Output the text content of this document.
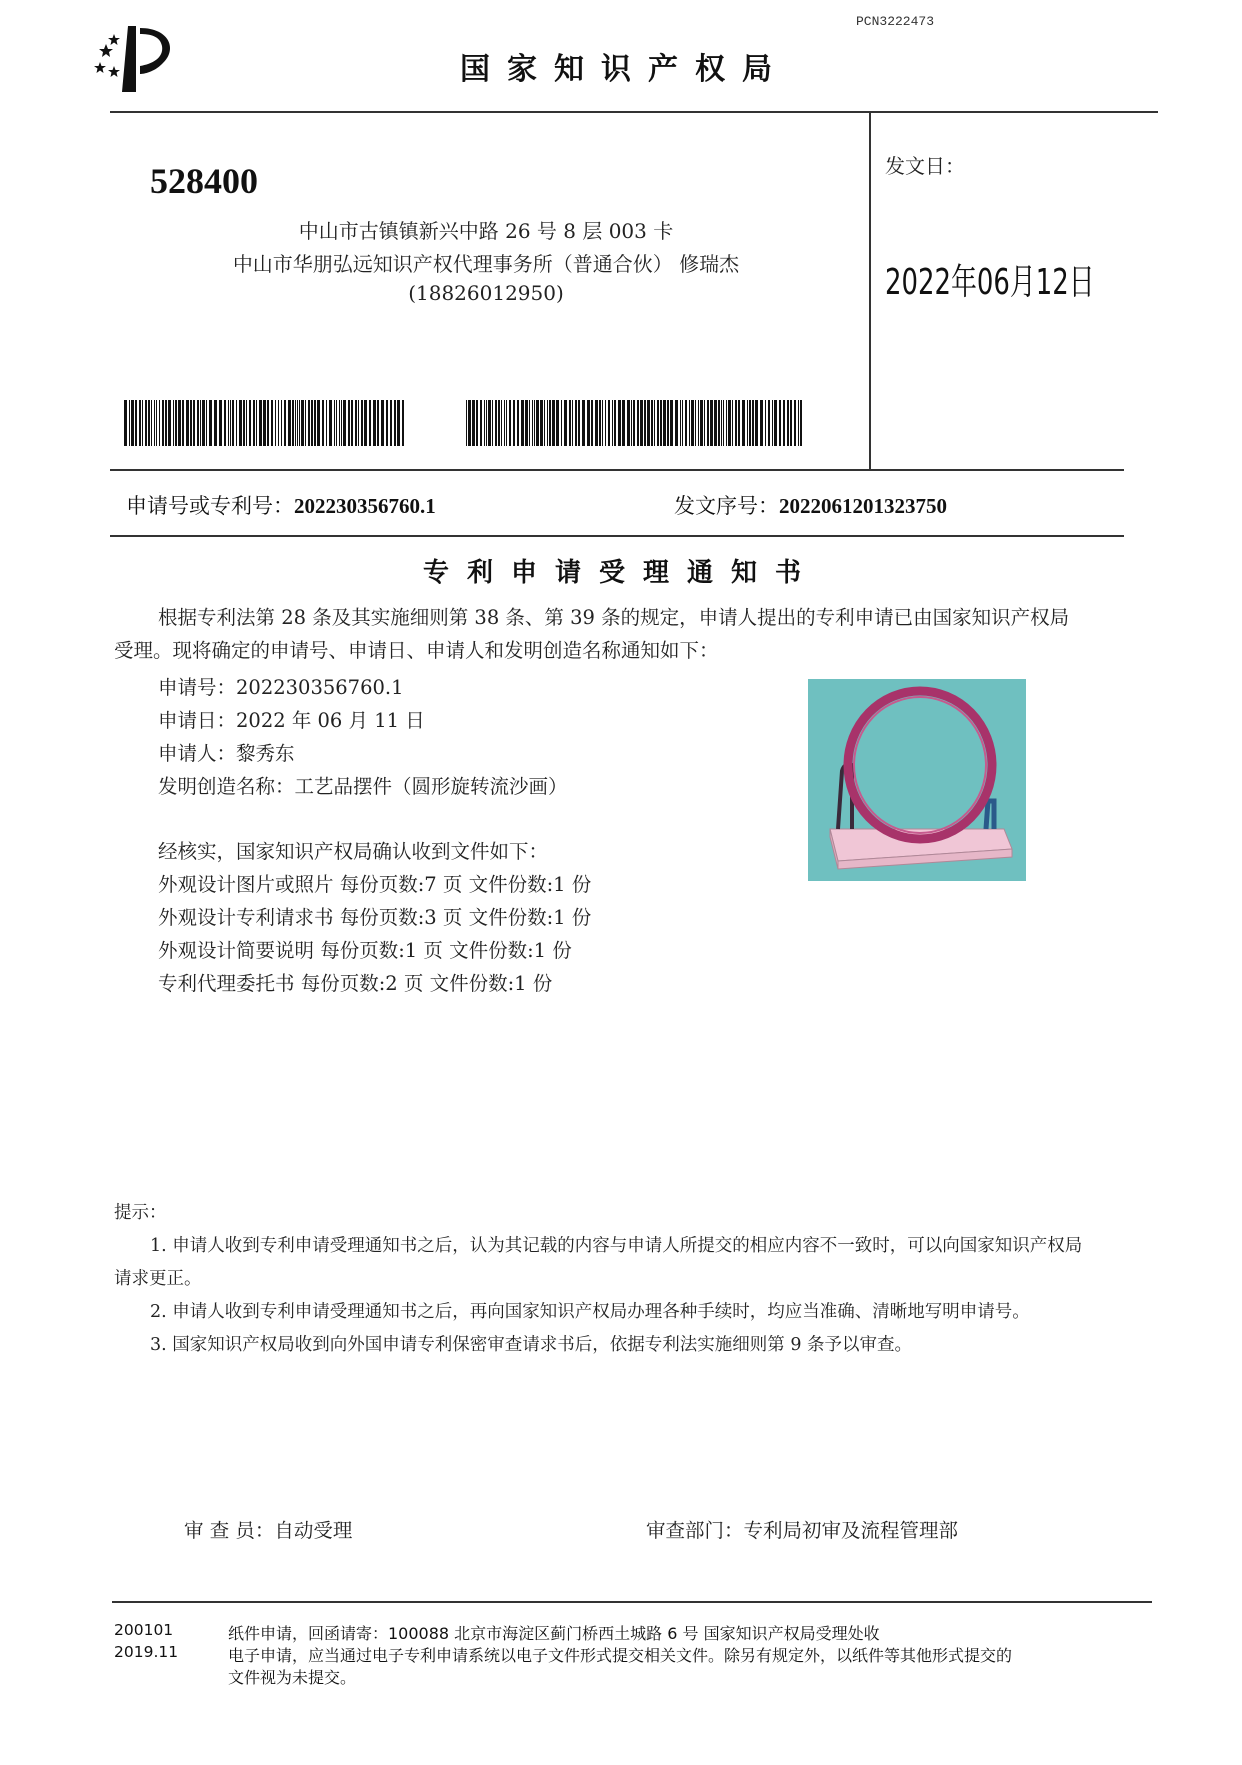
PCN3222473
国家知识产权局
528400
中山市古镇镇新兴中路 26 号 8 层 003 卡
中山市华朋弘远知识产权代理事务所（普通合伙） 修瑞杰
(18826012950)
发文日：
2022年06月12日
申请号或专利号：202230356760.1	发文序号：2022061201323750
专利申请受理通知书
根据专利法第 28 条及其实施细则第 38 条、第 39 条的规定，申请人提出的专利申请已由国家知识产权局
受理。现将确定的申请号、申请日、申请人和发明创造名称通知如下：
申请号：202230356760.1
申请日：2022 年 06 月 11 日
申请人：黎秀东
发明创造名称：工艺品摆件（圆形旋转流沙画）
经核实，国家知识产权局确认收到文件如下：
外观设计图片或照片 每份页数:7 页 文件份数:1 份
外观设计专利请求书 每份页数:3 页 文件份数:1 份
外观设计简要说明 每份页数:1 页 文件份数:1 份
专利代理委托书 每份页数:2 页 文件份数:1 份
提示：
1. 申请人收到专利申请受理通知书之后，认为其记载的内容与申请人所提交的相应内容不一致时，可以向国家知识产权局
请求更正。
2. 申请人收到专利申请受理通知书之后，再向国家知识产权局办理各种手续时，均应当准确、清晰地写明申请号。
3. 国家知识产权局收到向外国申请专利保密审查请求书后，依据专利法实施细则第 9 条予以审查。
审 查 员：自动受理	审查部门：专利局初审及流程管理部
200101
2019.11
纸件申请，回函请寄：100088 北京市海淀区蓟门桥西土城路 6 号 国家知识产权局受理处收
电子申请，应当通过电子专利申请系统以电子文件形式提交相关文件。除另有规定外，以纸件等其他形式提交的
文件视为未提交。
